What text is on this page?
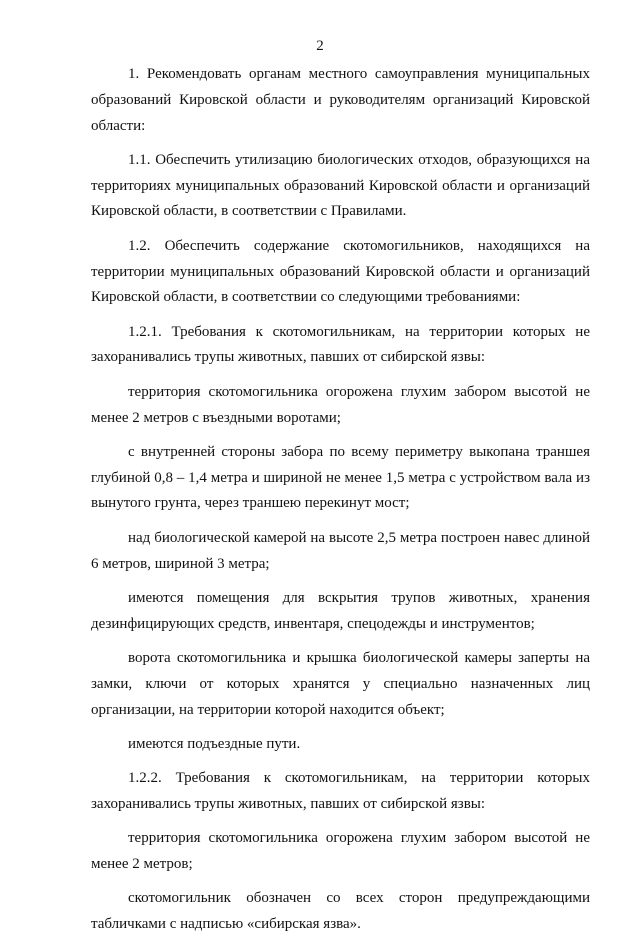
2

1. Рекомендовать органам местного самоуправления муниципальных образований Кировской области и руководителям организаций Кировской области:

1.1. Обеспечить утилизацию биологических отходов, образующихся на территориях муниципальных образований Кировской области и организаций Кировской области, в соответствии с Правилами.

1.2. Обеспечить содержание скотомогильников, находящихся на территории муниципальных образований Кировской области и организаций Кировской области, в соответствии со следующими требованиями:

1.2.1. Требования к скотомогильникам, на территории которых не захоранивались трупы животных, павших от сибирской язвы:

территория скотомогильника огорожена глухим забором высотой не менее 2 метров с въездными воротами;

с внутренней стороны забора по всему периметру выкопана траншея глубиной 0,8 – 1,4 метра и шириной не менее 1,5 метра с устройством вала из вынутого грунта, через траншею перекинут мост;

над биологической камерой на высоте 2,5 метра построен навес длиной 6 метров, шириной 3 метра;

имеются помещения для вскрытия трупов животных, хранения дезинфицирующих средств, инвентаря, спецодежды и инструментов;

ворота скотомогильника и крышка биологической камеры заперты на замки, ключи от которых хранятся у специально назначенных лиц организации, на территории которой находится объект;

имеются подъездные пути.

1.2.2. Требования к скотомогильникам, на территории которых захоранивались трупы животных, павших от сибирской язвы:

территория скотомогильника огорожена глухим забором высотой не менее 2 метров;

скотомогильник обозначен со всех сторон предупреждающими табличками с надписью «сибирская язва».
